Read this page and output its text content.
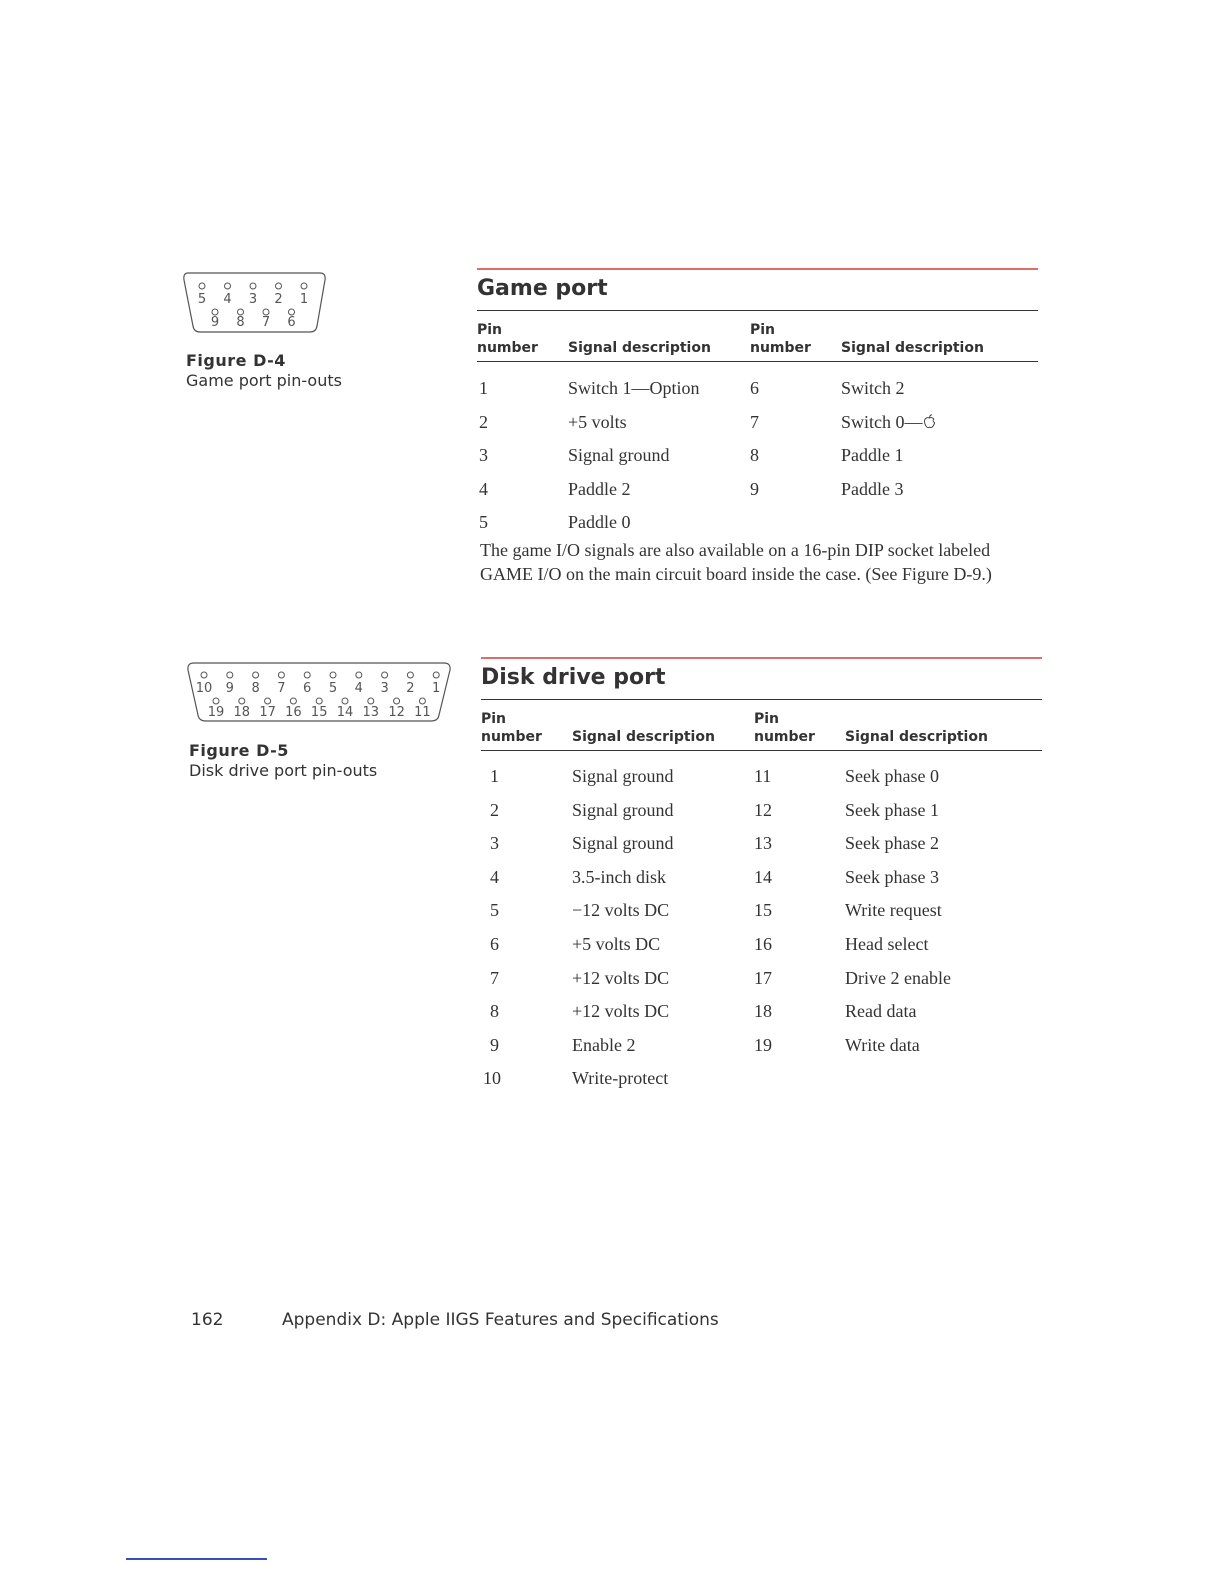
5 4 3 2 1
9 8 7 6
Figure D-4
Game port pin-outs
Game port
Pin
number Signal description
Pin
number Signal description
1	Switch 1—Option	6	Switch 2
2	+5 volts	7	Switch 0—
3	Signal ground	8	Paddle 1
4	Paddle 2	9	Paddle 3
5	Paddle 0
The game I/O signals are also available on a 16-pin DIP socket labeled GAME I/O on the main circuit board inside the case. (See Figure D-9.)
10 9 8 7 6 5 4 3 2 1
19 18 17 16 15 14 13 12 11
Figure D-5
Disk drive port pin-outs
Disk drive port
Pin
number Signal description
Pin
number Signal description
1	Signal ground	11	Seek phase 0
2	Signal ground	12	Seek phase 1
3	Signal ground	13	Seek phase 2
4	3.5-inch disk	14	Seek phase 3
5	−12 volts DC	15	Write request
6	+5 volts DC	16	Head select
7	+12 volts DC	17	Drive 2 enable
8	+12 volts DC	18	Read data
9	Enable 2	19	Write data
10	Write-protect
162	Appendix D: Apple IIGS Features and Specifications
